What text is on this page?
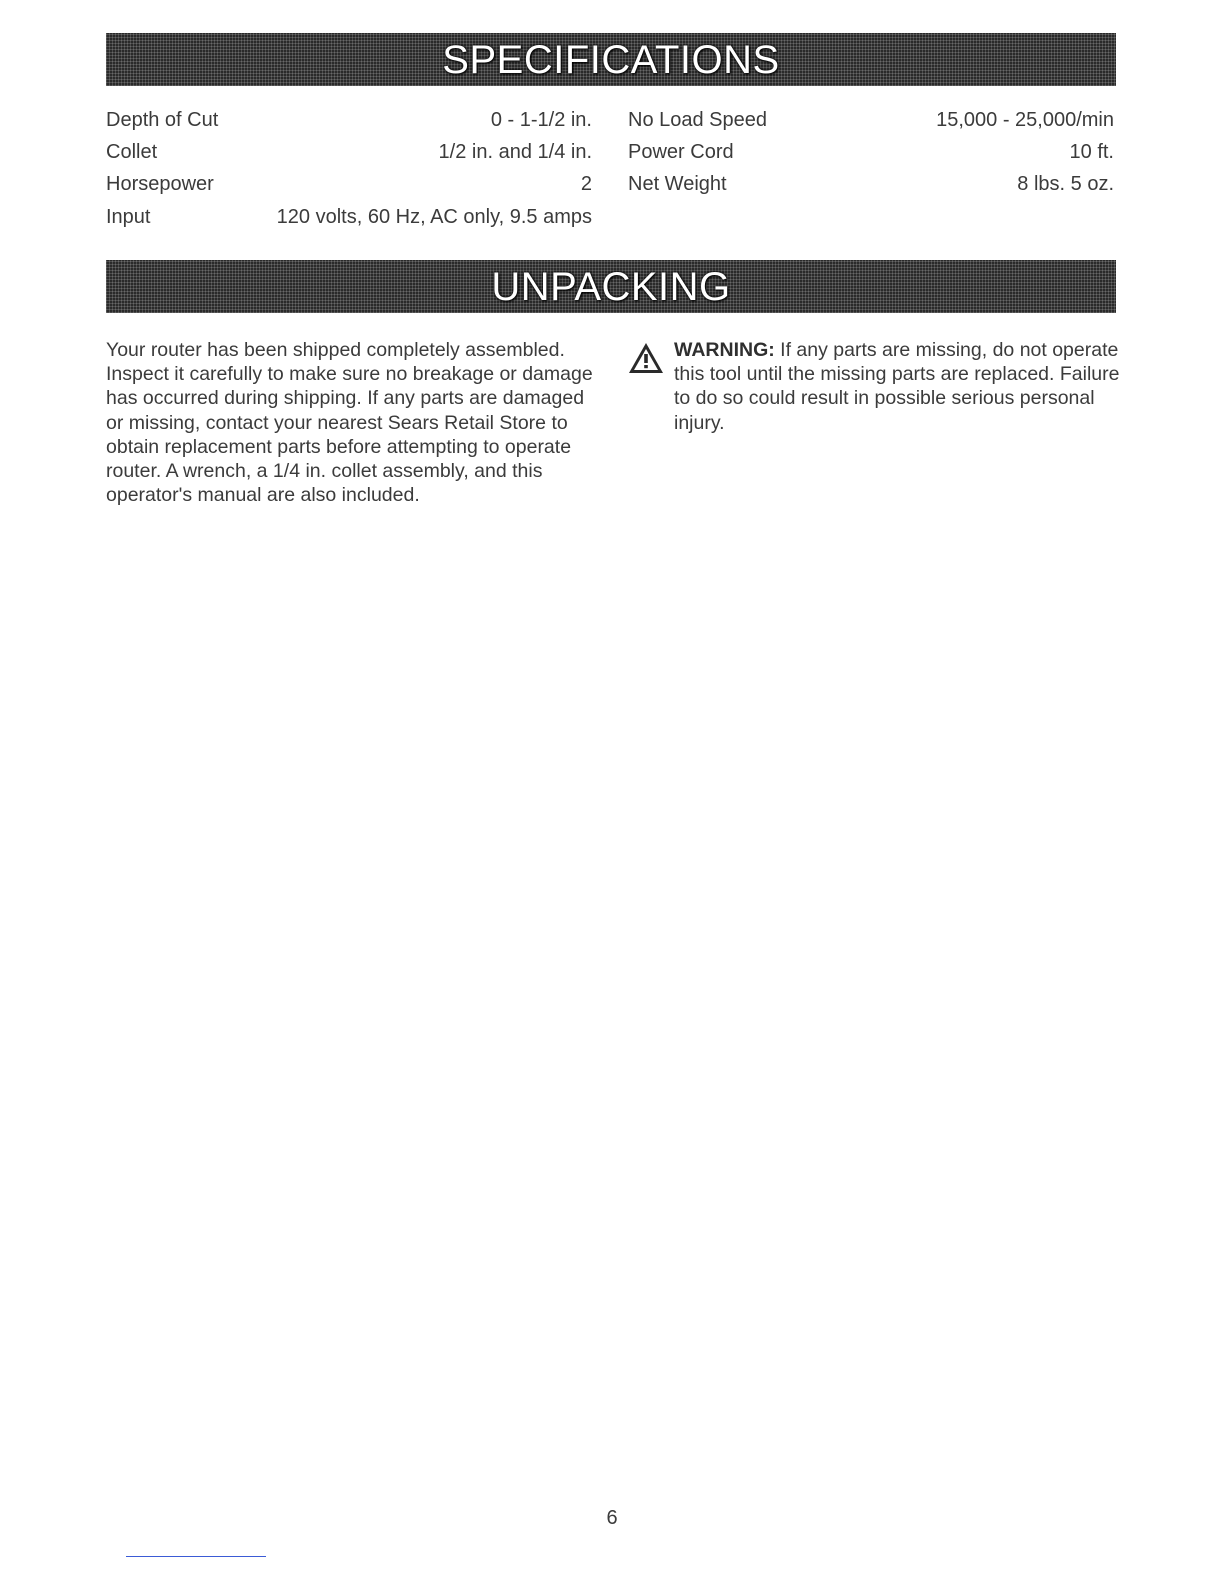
SPECIFICATIONS
Depth of Cut	0 - 1-1/2 in.
Collet	1/2 in. and 1/4 in.
Horsepower	2
Input	120 volts, 60 Hz, AC only, 9.5 amps
No Load Speed	15,000 - 25,000/min
Power Cord	10 ft.
Net Weight	8 lbs. 5 oz.
UNPACKING
Your router has been shipped completely assembled. Inspect it carefully to make sure no breakage or damage has occurred during shipping. If any parts are damaged or missing, contact your nearest Sears Retail Store to obtain replacement parts before attempting to operate router. A wrench, a 1/4 in. collet assembly, and this operator's manual are also included.
WARNING: If any parts are missing, do not operate this tool until the missing parts are replaced. Failure to do so could result in possible serious personal injury.
6
